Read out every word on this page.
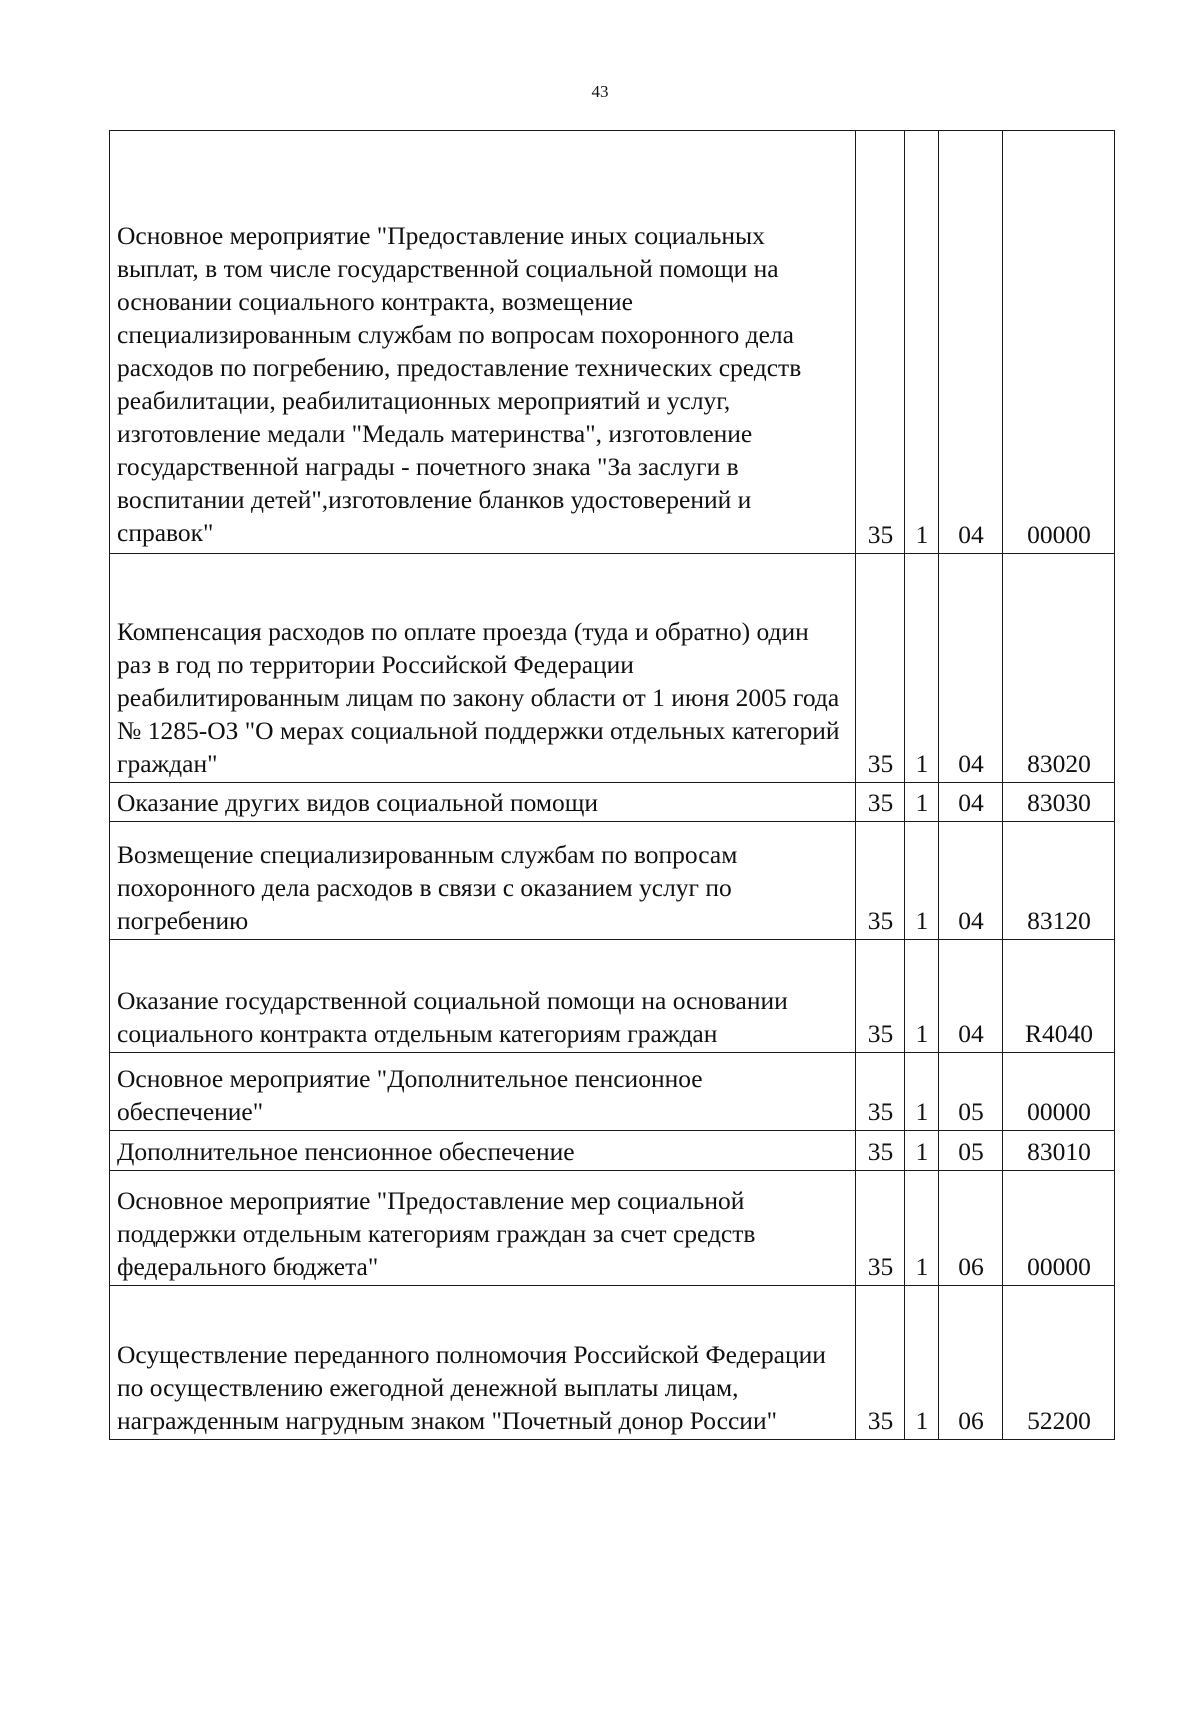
43
Основное мероприятие "Предоставление иных социальных выплат, в том числе государственной социальной помощи на основании социального контракта, возмещение специализированным службам по вопросам похоронного дела расходов по погребению, предоставление технических средств реабилитации, реабилитационных мероприятий и услуг, изготовление медали "Медаль материнства", изготовление государственной награды - почетного знака "За заслуги в воспитании детей",изготовление бланков удостоверений и справок"	35	1	04	00000
Компенсация расходов по оплате проезда (туда и обратно) один раз в год по территории Российской Федерации реабилитированным лицам по закону области от 1 июня 2005 года № 1285-ОЗ "О мерах социальной поддержки отдельных категорий граждан"	35	1	04	83020
Оказание других видов социальной помощи	35	1	04	83030
Возмещение специализированным службам по вопросам похоронного дела расходов в связи с оказанием услуг по погребению	35	1	04	83120
Оказание государственной социальной помощи на основании социального контракта отдельным категориям граждан	35	1	04	R4040
Основное мероприятие "Дополнительное пенсионное обеспечение"	35	1	05	00000
Дополнительное пенсионное обеспечение	35	1	05	83010
Основное мероприятие "Предоставление мер социальной поддержки отдельным категориям граждан за счет средств федерального бюджета"	35	1	06	00000
Осуществление переданного полномочия Российской Федерации по осуществлению ежегодной денежной выплаты лицам, награжденным нагрудным знаком "Почетный донор России"	35	1	06	52200
